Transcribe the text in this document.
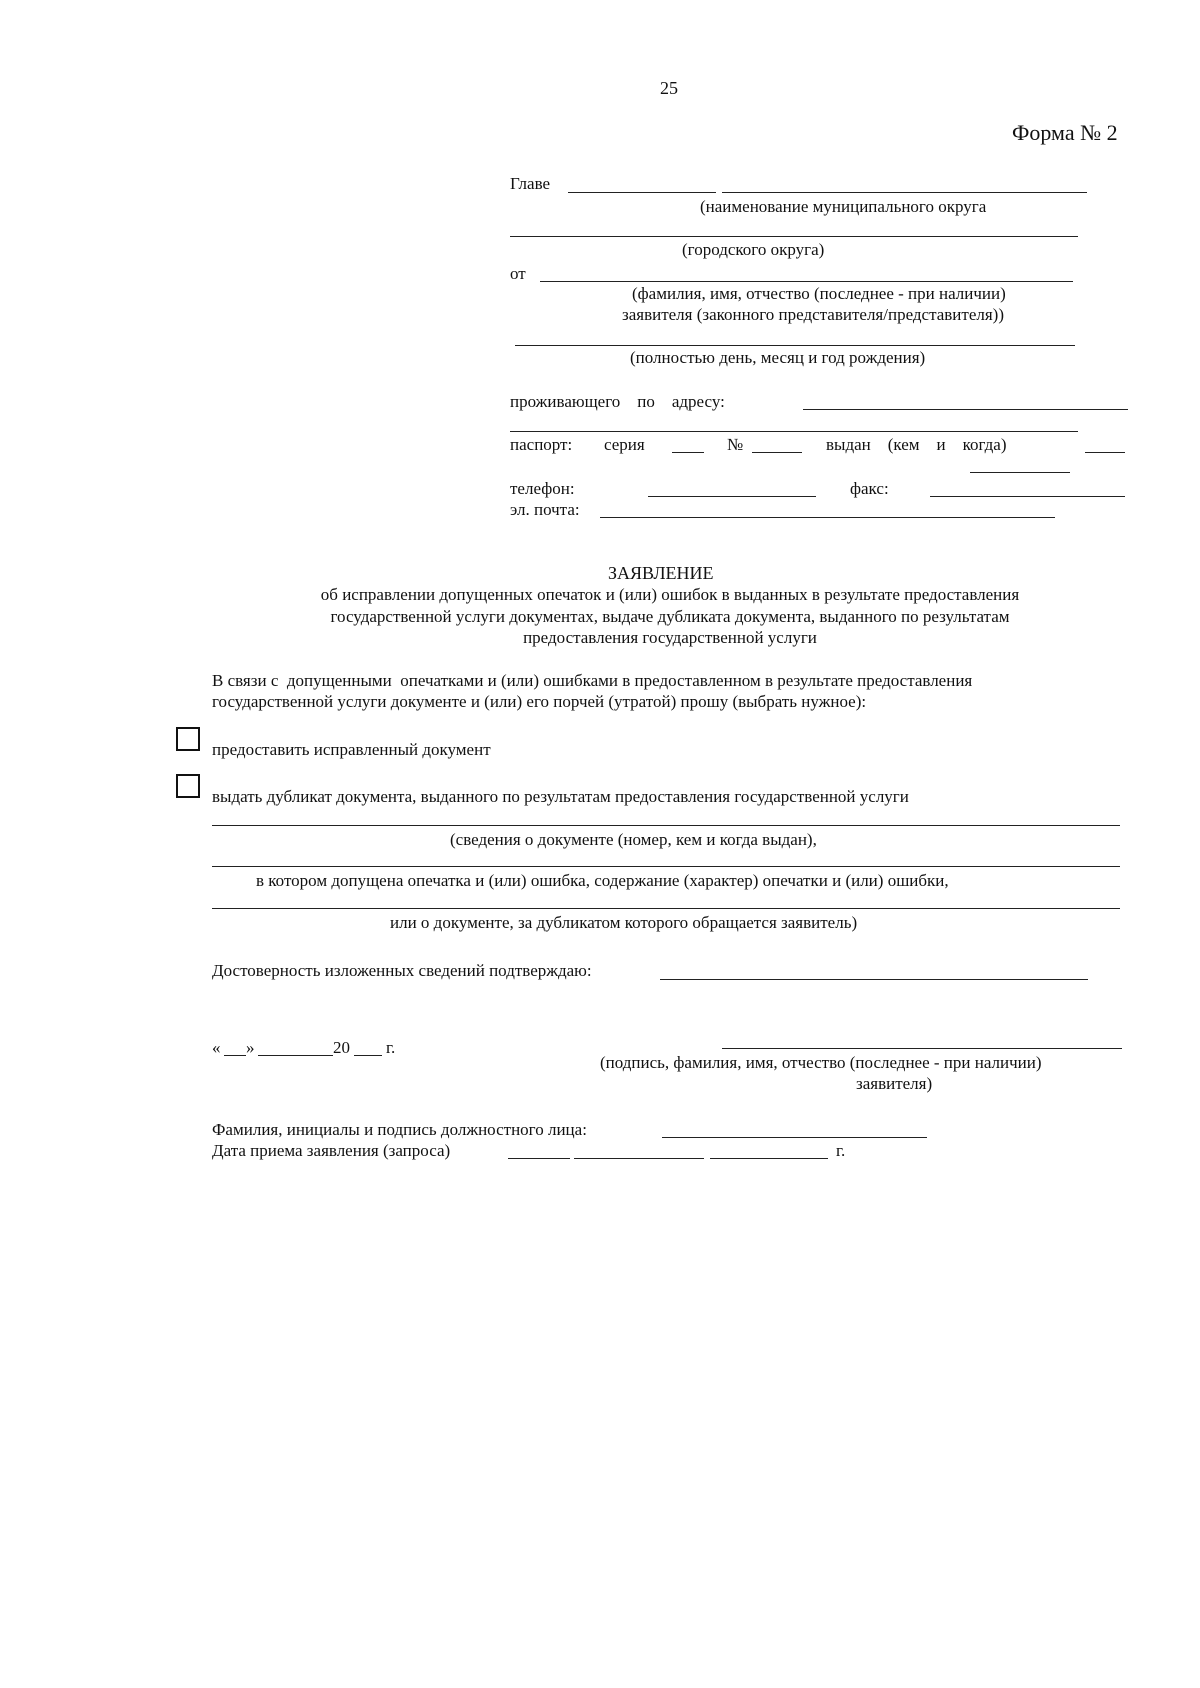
25
Форма № 2
Главе
(наименование муниципального округа
(городского округа)
от
(фамилия, имя, отчество (последнее - при наличии)
заявителя (законного представителя/представителя))
(полностью день, месяц и год рождения)
проживающего    по    адресу:
паспорт: серия	№	выдан    (кем    и    когда)
телефон:	факс:
эл. почта:
ЗАЯВЛЕНИЕ
об исправлении допущенных опечаток и (или) ошибок в выданных в результате предоставления
государственной услуги документах, выдаче дубликата документа, выданного по результатам
предоставления государственной услуги
В связи с  допущенными  опечатками и (или) ошибками в предоставленном в результате предоставления
государственной услуги документе и (или) его порчей (утратой) прошу (выбрать нужное):
предоставить исправленный документ
выдать дубликат документа, выданного по результатам предоставления государственной услуги
(сведения о документе (номер, кем и когда выдан),
в котором допущена опечатка и (или) ошибка, содержание (характер) опечатки и (или) ошибки,
или о документе, за дубликатом которого обращается заявитель)
Достоверность изложенных сведений подтверждаю:
« »	20 г.
(подпись, фамилия, имя, отчество (последнее - при наличии)
заявителя)
Фамилия, инициалы и подпись должностного лица:
Дата приема заявления (запроса)	г.
